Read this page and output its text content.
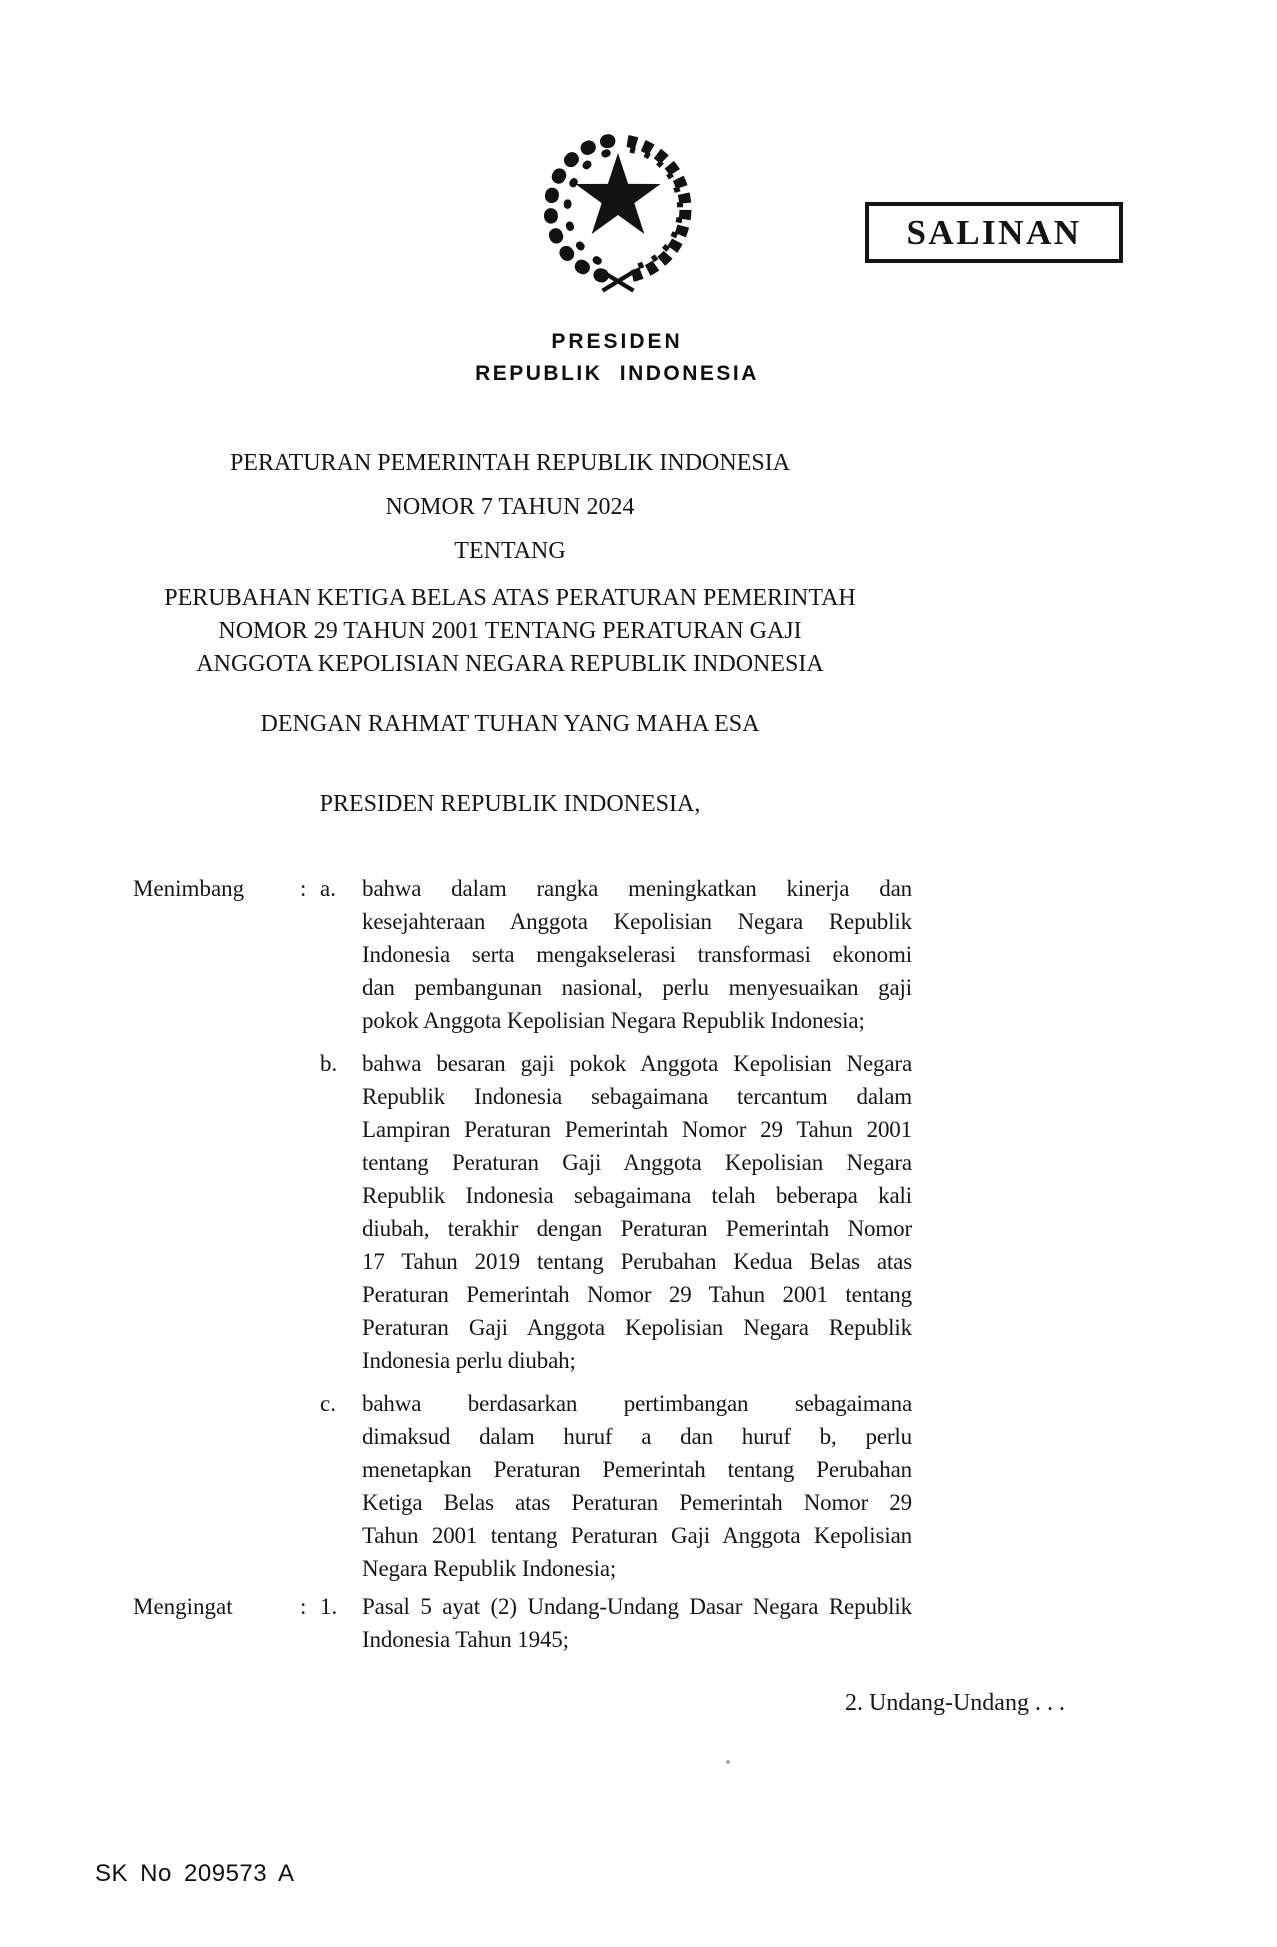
SALINAN
PRESIDEN
REPUBLIK INDONESIA
PERATURAN PEMERINTAH REPUBLIK INDONESIA
NOMOR 7 TAHUN 2024
TENTANG
PERUBAHAN KETIGA BELAS ATAS PERATURAN PEMERINTAH
NOMOR 29 TAHUN 2001 TENTANG PERATURAN GAJI
ANGGOTA KEPOLISIAN NEGARA REPUBLIK INDONESIA
DENGAN RAHMAT TUHAN YANG MAHA ESA
PRESIDEN REPUBLIK INDONESIA,
Menimbang	: a.	bahwa dalam rangka meningkatkan kinerja dan
kesejahteraan Anggota Kepolisian Negara Republik
Indonesia serta mengakselerasi transformasi ekonomi
dan pembangunan nasional, perlu menyesuaikan gaji
pokok Anggota Kepolisian Negara Republik Indonesia;
b.	bahwa besaran gaji pokok Anggota Kepolisian Negara
Republik Indonesia sebagaimana tercantum dalam
Lampiran Peraturan Pemerintah Nomor 29 Tahun 2001
tentang Peraturan Gaji Anggota Kepolisian Negara
Republik Indonesia sebagaimana telah beberapa kali
diubah, terakhir dengan Peraturan Pemerintah Nomor
17 Tahun 2019 tentang Perubahan Kedua Belas atas
Peraturan Pemerintah Nomor 29 Tahun 2001 tentang
Peraturan Gaji Anggota Kepolisian Negara Republik
Indonesia perlu diubah;
c.	bahwa berdasarkan pertimbangan sebagaimana
dimaksud dalam huruf a dan huruf b, perlu
menetapkan Peraturan Pemerintah tentang Perubahan
Ketiga Belas atas Peraturan Pemerintah Nomor 29
Tahun 2001 tentang Peraturan Gaji Anggota Kepolisian
Negara Republik Indonesia;
Mengingat	: 1.	Pasal 5 ayat (2) Undang-Undang Dasar Negara Republik
Indonesia Tahun 1945;
2. Undang-Undang . . .
SK No 209573 A
